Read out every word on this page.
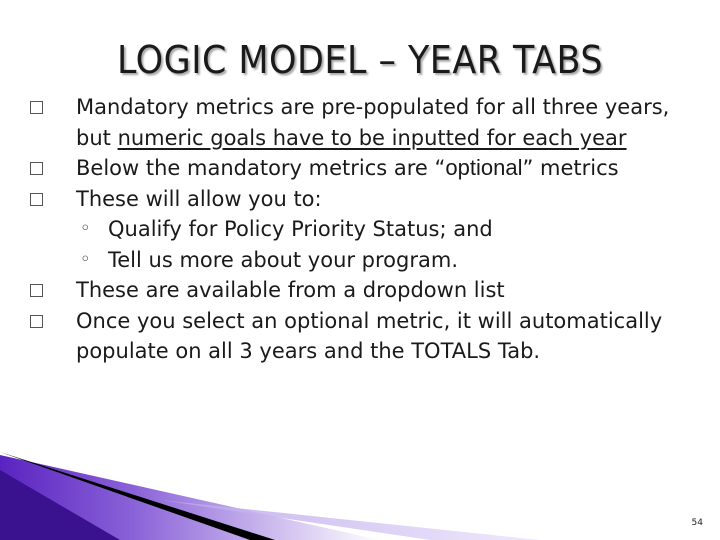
LOGIC MODEL – YEAR TABS
Mandatory metrics are pre-populated for all three years, but numeric goals have to be inputted for each year
Below the mandatory metrics are “optional” metrics
These will allow you to:
◦ Qualify for Policy Priority Status; and
◦ Tell us more about your program.
These are available from a dropdown list
Once you select an optional metric, it will automatically populate on all 3 years and the TOTALS Tab.
54
